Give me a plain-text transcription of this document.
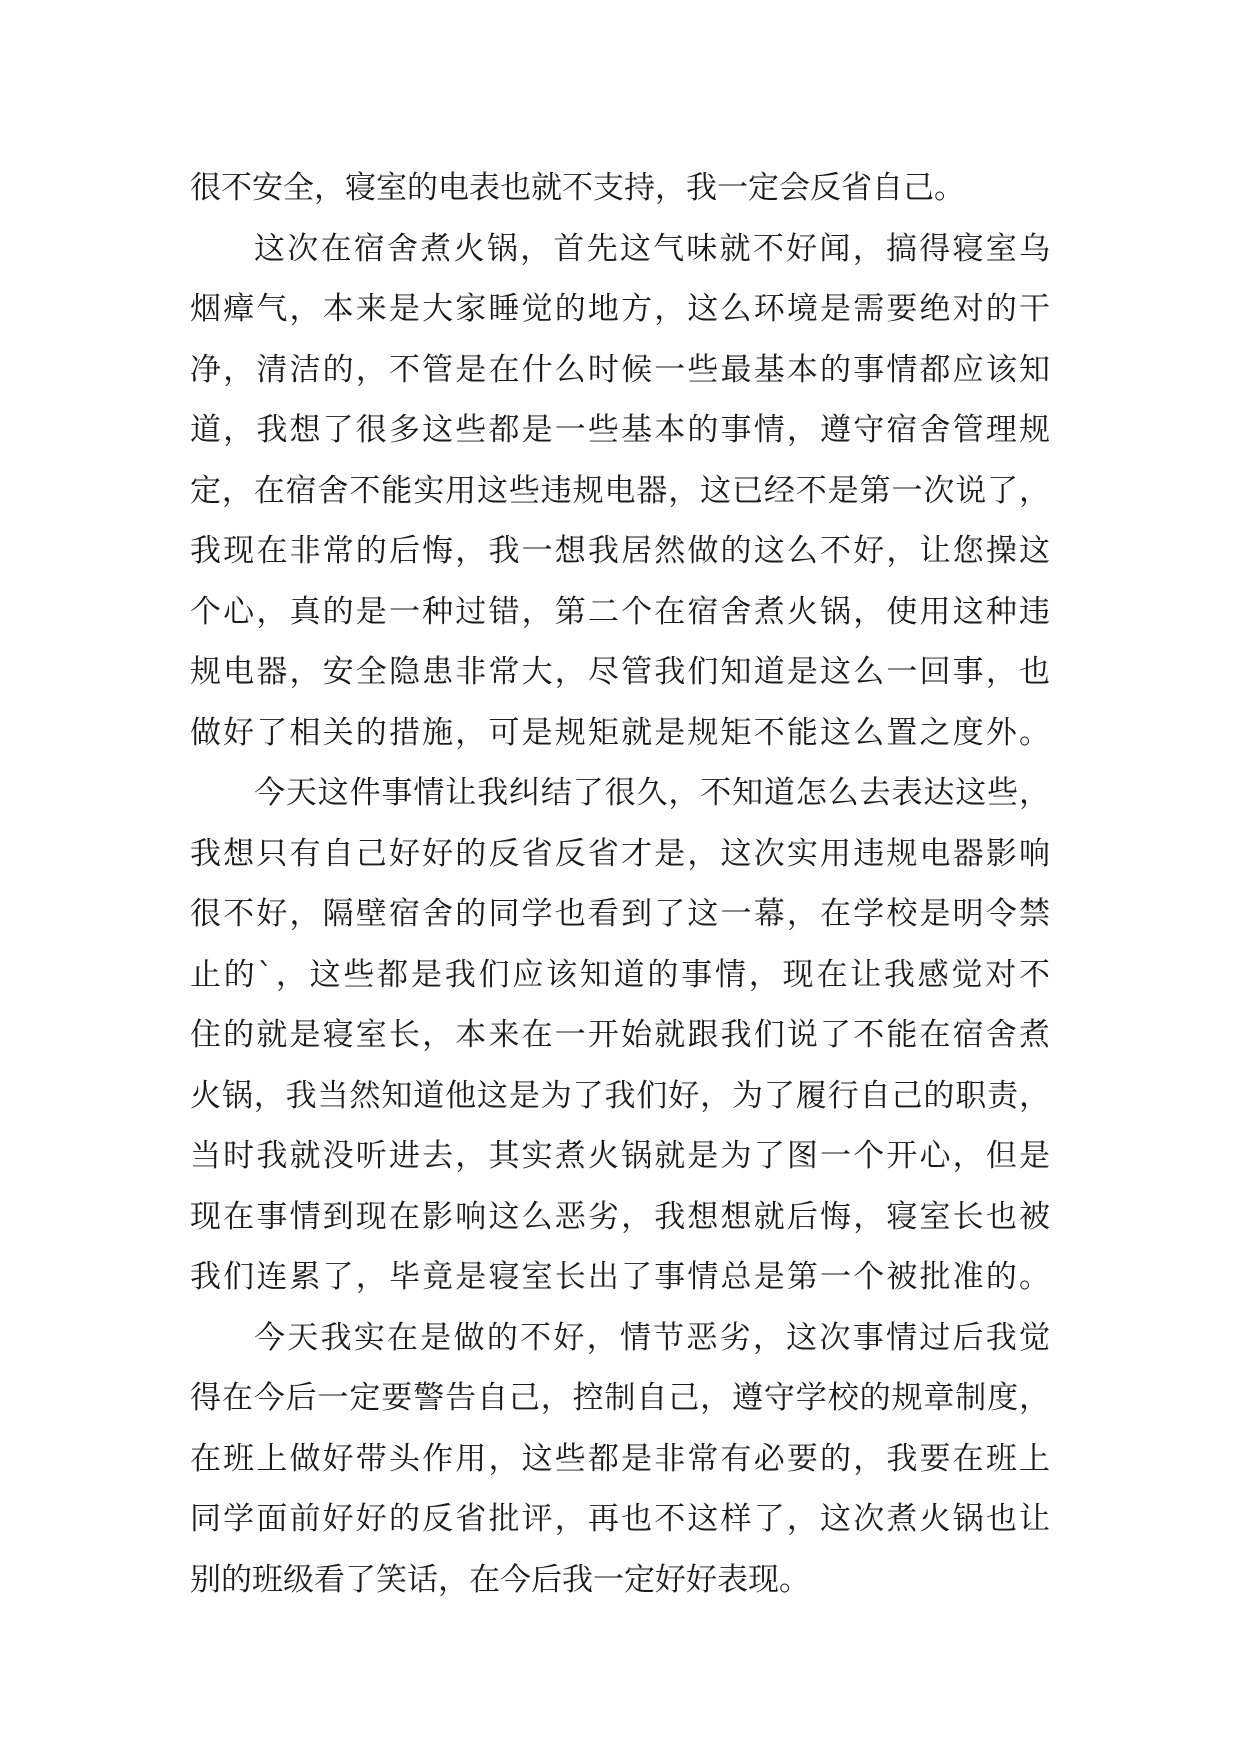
很不安全，寝室的电表也就不支持，我一定会反省自己。
这次在宿舍煮火锅，首先这气味就不好闻，搞得寝室乌
烟瘴气，本来是大家睡觉的地方，这么环境是需要绝对的干
净，清洁的，不管是在什么时候一些最基本的事情都应该知
道，我想了很多这些都是一些基本的事情，遵守宿舍管理规
定，在宿舍不能实用这些违规电器，这已经不是第一次说了，
我现在非常的后悔，我一想我居然做的这么不好，让您操这
个心，真的是一种过错，第二个在宿舍煮火锅，使用这种违
规电器，安全隐患非常大，尽管我们知道是这么一回事，也
做好了相关的措施，可是规矩就是规矩不能这么置之度外。
今天这件事情让我纠结了很久，不知道怎么去表达这些，
我想只有自己好好的反省反省才是，这次实用违规电器影响
很不好，隔壁宿舍的同学也看到了这一幕，在学校是明令禁
止的`，这些都是我们应该知道的事情，现在让我感觉对不
住的就是寝室长，本来在一开始就跟我们说了不能在宿舍煮
火锅，我当然知道他这是为了我们好，为了履行自己的职责，
当时我就没听进去，其实煮火锅就是为了图一个开心，但是
现在事情到现在影响这么恶劣，我想想就后悔，寝室长也被
我们连累了，毕竟是寝室长出了事情总是第一个被批准的。
今天我实在是做的不好，情节恶劣，这次事情过后我觉
得在今后一定要警告自己，控制自己，遵守学校的规章制度，
在班上做好带头作用，这些都是非常有必要的，我要在班上
同学面前好好的反省批评，再也不这样了，这次煮火锅也让
别的班级看了笑话，在今后我一定好好表现。
